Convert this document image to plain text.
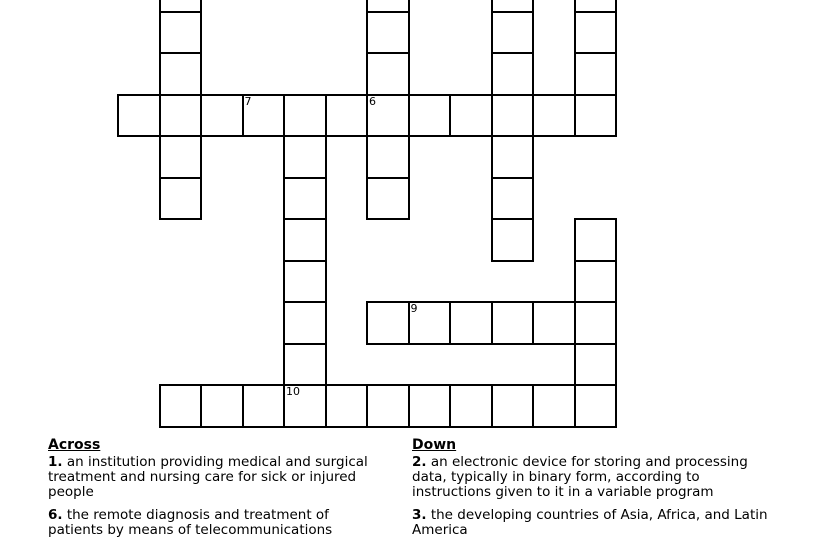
6
7
9
10
Across
1. an institution providing medical and surgical treatment and nursing care for sick or injured people
6. the remote diagnosis and treatment of patients by means of telecommunications
Down
2. an electronic device for storing and processing data, typically in binary form, according to instructions given to it in a variable program
3. the developing countries of Asia, Africa, and Latin America
